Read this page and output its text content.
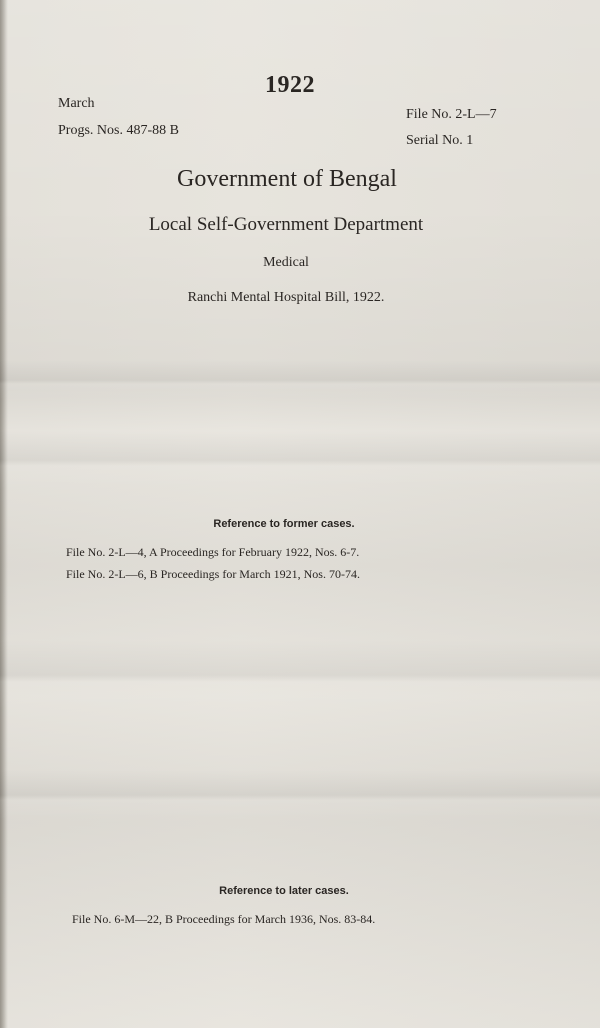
1922

March

Progs. Nos. 487-88 B

File No. 2-L—7

Serial No. 1

Government of Bengal

Local Self-Government Department

Medical

Ranchi Mental Hospital Bill, 1922.

Reference to former cases.

File No. 2-L—4, A Proceedings for February 1922, Nos. 6-7.

File No. 2-L—6, B Proceedings for March 1921, Nos. 70-74.

Reference to later cases.

File No. 6-M—22, B Proceedings for March 1936, Nos. 83-84.
